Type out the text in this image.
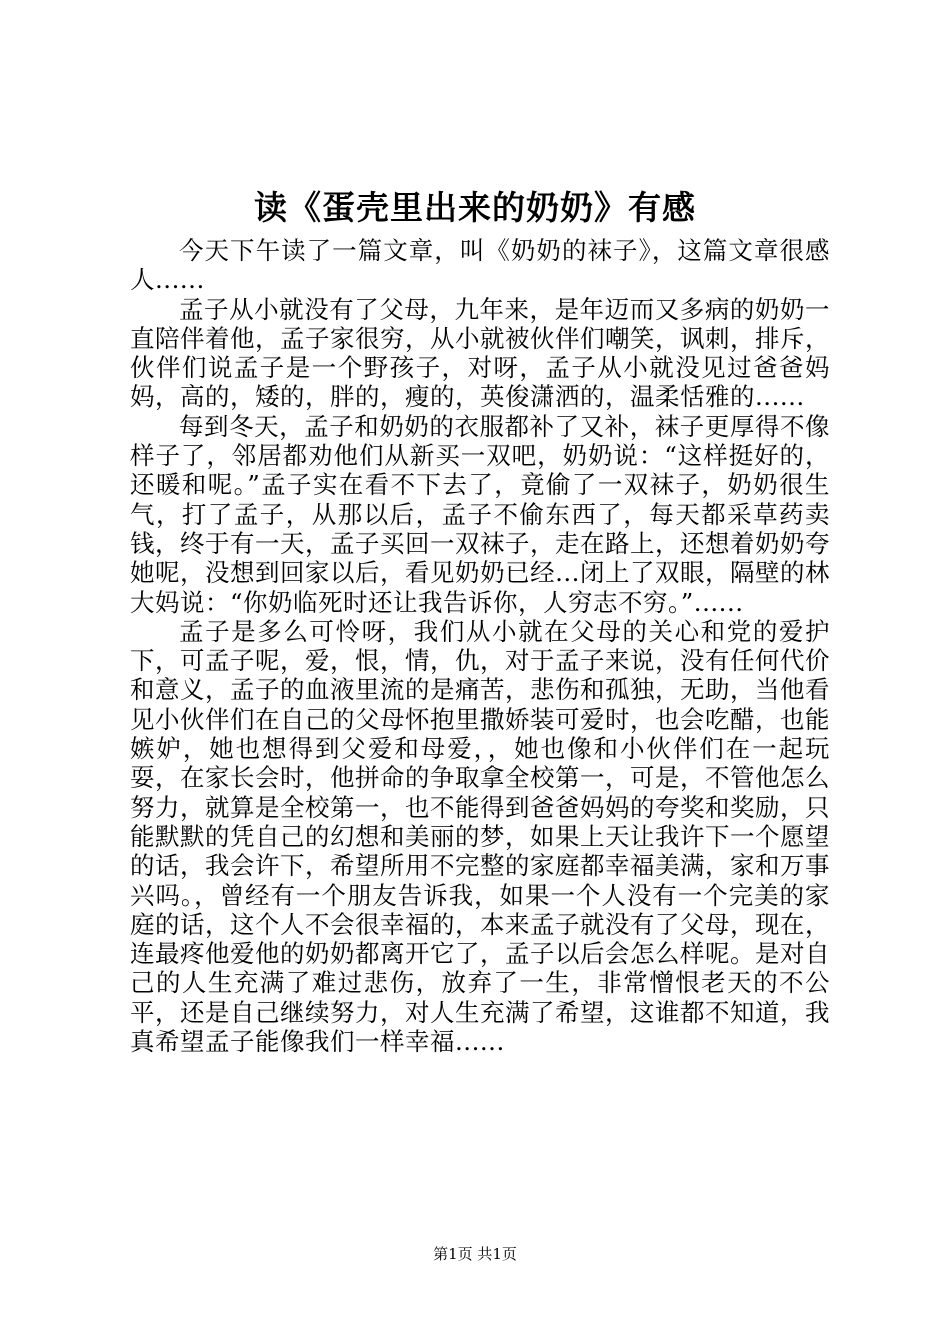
读《蛋壳里出来的奶奶》有感

今天下午读了一篇文章，叫《奶奶的袜子》，这篇文章很感人......

孟子从小就没有了父母，九年来，是年迈而又多病的奶奶一直陪伴着他，孟子家很穷，从小就被伙伴们嘲笑，讽刺，排斥，伙伴们说孟子是一个野孩子，对呀，孟子从小就没见过爸爸妈妈，高的，矮的，胖的，瘦的，英俊潇洒的，温柔恬雅的......

每到冬天，孟子和奶奶的衣服都补了又补，袜子更厚得不像样子了，邻居都劝他们从新买一双吧，奶奶说：“这样挺好的，还暖和呢。”孟子实在看不下去了，竟偷了一双袜子，奶奶很生气，打了孟子，从那以后，孟子不偷东西了，每天都采草药卖钱，终于有一天，孟子买回一双袜子，走在路上，还想着奶奶夸她呢，没想到回家以后，看见奶奶已经...闭上了双眼，隔壁的林大妈说：“你奶临死时还让我告诉你，人穷志不穷。”......

孟子是多么可怜呀，我们从小就在父母的关心和党的爱护下，可孟子呢，爱，恨，情，仇，对于孟子来说，没有任何代价和意义，孟子的血液里流的是痛苦，悲伤和孤独，无助，当他看见小伙伴们在自己的父母怀抱里撒娇装可爱时，也会吃醋，也能嫉妒，她也想得到父爱和母爱，，她也像和小伙伴们在一起玩耍，在家长会时，他拼命的争取拿全校第一，可是，不管他怎么努力，就算是全校第一，也不能得到爸爸妈妈的夸奖和奖励，只能默默的凭自己的幻想和美丽的梦，如果上天让我许下一个愿望的话，我会许下，希望所用不完整的家庭都幸福美满，家和万事兴吗。，曾经有一个朋友告诉我，如果一个人没有一个完美的家庭的话，这个人不会很幸福的，本来孟子就没有了父母，现在，连最疼他爱他的奶奶都离开它了，孟子以后会怎么样呢。是对自己的人生充满了难过悲伤，放弃了一生，非常憎恨老天的不公平，还是自己继续努力，对人生充满了希望，这谁都不知道，我真希望孟子能像我们一样幸福......

第1页 共1页
